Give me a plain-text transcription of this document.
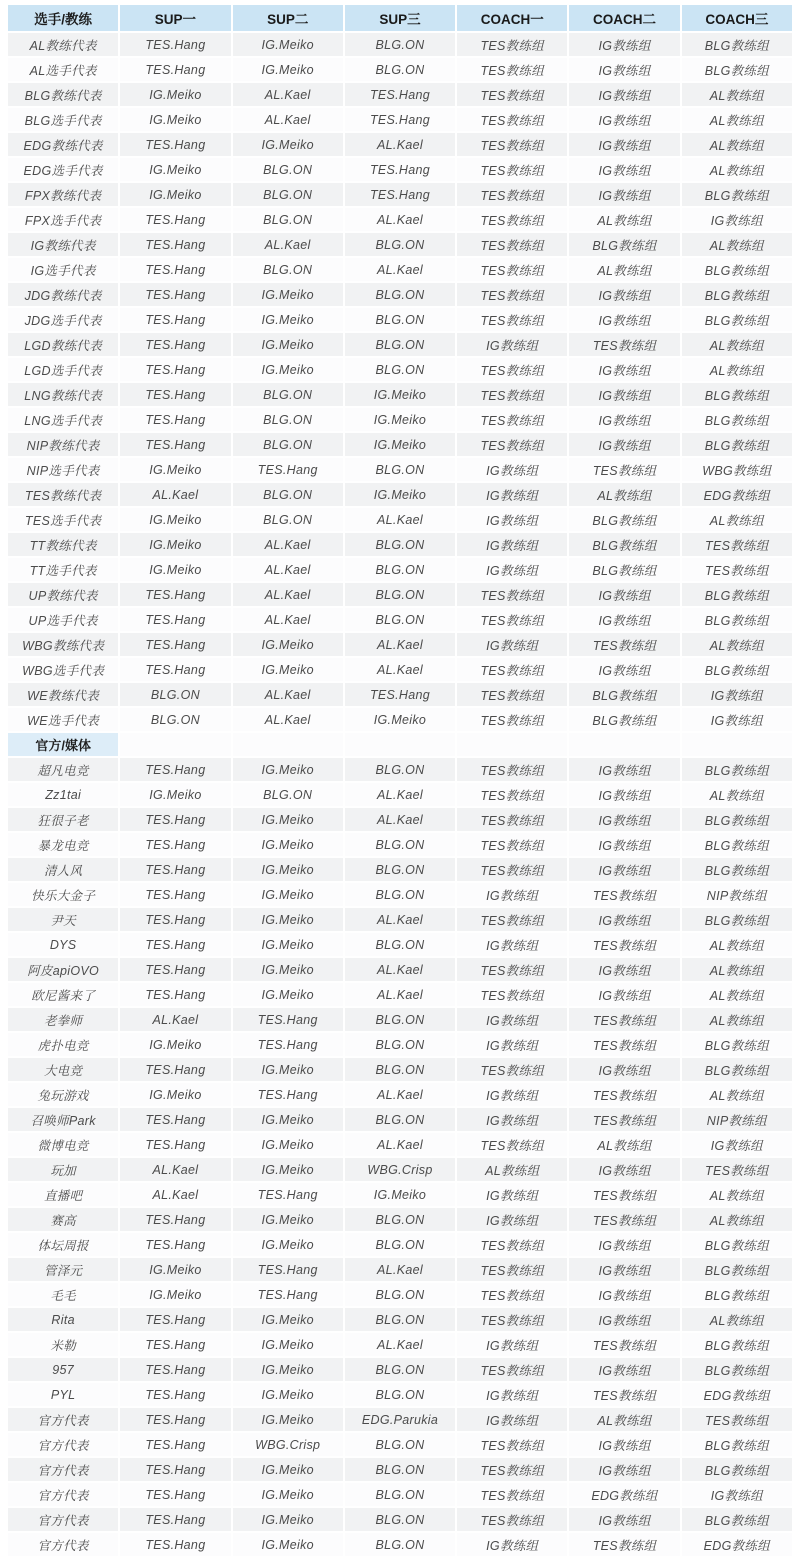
选手/教练	SUP一	SUP二	SUP三	COACH一	COACH二	COACH三
AL教练代表	TES.Hang	IG.Meiko	BLG.ON	TES教练组	IG教练组	BLG教练组
AL选手代表	TES.Hang	IG.Meiko	BLG.ON	TES教练组	IG教练组	BLG教练组
BLG教练代表	IG.Meiko	AL.Kael	TES.Hang	TES教练组	IG教练组	AL教练组
BLG选手代表	IG.Meiko	AL.Kael	TES.Hang	TES教练组	IG教练组	AL教练组
EDG教练代表	TES.Hang	IG.Meiko	AL.Kael	TES教练组	IG教练组	AL教练组
EDG选手代表	IG.Meiko	BLG.ON	TES.Hang	TES教练组	IG教练组	AL教练组
FPX教练代表	IG.Meiko	BLG.ON	TES.Hang	TES教练组	IG教练组	BLG教练组
FPX选手代表	TES.Hang	BLG.ON	AL.Kael	TES教练组	AL教练组	IG教练组
IG教练代表	TES.Hang	AL.Kael	BLG.ON	TES教练组	BLG教练组	AL教练组
IG选手代表	TES.Hang	BLG.ON	AL.Kael	TES教练组	AL教练组	BLG教练组
JDG教练代表	TES.Hang	IG.Meiko	BLG.ON	TES教练组	IG教练组	BLG教练组
JDG选手代表	TES.Hang	IG.Meiko	BLG.ON	TES教练组	IG教练组	BLG教练组
LGD教练代表	TES.Hang	IG.Meiko	BLG.ON	IG教练组	TES教练组	AL教练组
LGD选手代表	TES.Hang	IG.Meiko	BLG.ON	TES教练组	IG教练组	AL教练组
LNG教练代表	TES.Hang	BLG.ON	IG.Meiko	TES教练组	IG教练组	BLG教练组
LNG选手代表	TES.Hang	BLG.ON	IG.Meiko	TES教练组	IG教练组	BLG教练组
NIP教练代表	TES.Hang	BLG.ON	IG.Meiko	TES教练组	IG教练组	BLG教练组
NIP选手代表	IG.Meiko	TES.Hang	BLG.ON	IG教练组	TES教练组	WBG教练组
TES教练代表	AL.Kael	BLG.ON	IG.Meiko	IG教练组	AL教练组	EDG教练组
TES选手代表	IG.Meiko	BLG.ON	AL.Kael	IG教练组	BLG教练组	AL教练组
TT教练代表	IG.Meiko	AL.Kael	BLG.ON	IG教练组	BLG教练组	TES教练组
TT选手代表	IG.Meiko	AL.Kael	BLG.ON	IG教练组	BLG教练组	TES教练组
UP教练代表	TES.Hang	AL.Kael	BLG.ON	TES教练组	IG教练组	BLG教练组
UP选手代表	TES.Hang	AL.Kael	BLG.ON	TES教练组	IG教练组	BLG教练组
WBG教练代表	TES.Hang	IG.Meiko	AL.Kael	IG教练组	TES教练组	AL教练组
WBG选手代表	TES.Hang	IG.Meiko	AL.Kael	TES教练组	IG教练组	BLG教练组
WE教练代表	BLG.ON	AL.Kael	TES.Hang	TES教练组	BLG教练组	IG教练组
WE选手代表	BLG.ON	AL.Kael	IG.Meiko	TES教练组	BLG教练组	IG教练组
官方/媒体						
超凡电竞	TES.Hang	IG.Meiko	BLG.ON	TES教练组	IG教练组	BLG教练组
Zz1tai	IG.Meiko	BLG.ON	AL.Kael	TES教练组	IG教练组	AL教练组
狂很子老	TES.Hang	IG.Meiko	AL.Kael	TES教练组	IG教练组	BLG教练组
暴龙电竞	TES.Hang	IG.Meiko	BLG.ON	TES教练组	IG教练组	BLG教练组
清人风	TES.Hang	IG.Meiko	BLG.ON	TES教练组	IG教练组	BLG教练组
快乐大金子	TES.Hang	IG.Meiko	BLG.ON	IG教练组	TES教练组	NIP教练组
尹天	TES.Hang	IG.Meiko	AL.Kael	TES教练组	IG教练组	BLG教练组
DYS	TES.Hang	IG.Meiko	BLG.ON	IG教练组	TES教练组	AL教练组
阿皮apiOVO	TES.Hang	IG.Meiko	AL.Kael	TES教练组	IG教练组	AL教练组
欧尼酱来了	TES.Hang	IG.Meiko	AL.Kael	TES教练组	IG教练组	AL教练组
老拳师	AL.Kael	TES.Hang	BLG.ON	IG教练组	TES教练组	AL教练组
虎扑电竞	IG.Meiko	TES.Hang	BLG.ON	IG教练组	TES教练组	BLG教练组
大电竞	TES.Hang	IG.Meiko	BLG.ON	TES教练组	IG教练组	BLG教练组
兔玩游戏	IG.Meiko	TES.Hang	AL.Kael	IG教练组	TES教练组	AL教练组
召唤师Park	TES.Hang	IG.Meiko	BLG.ON	IG教练组	TES教练组	NIP教练组
微博电竞	TES.Hang	IG.Meiko	AL.Kael	TES教练组	AL教练组	IG教练组
玩加	AL.Kael	IG.Meiko	WBG.Crisp	AL教练组	IG教练组	TES教练组
直播吧	AL.Kael	TES.Hang	IG.Meiko	IG教练组	TES教练组	AL教练组
赛高	TES.Hang	IG.Meiko	BLG.ON	IG教练组	TES教练组	AL教练组
体坛周报	TES.Hang	IG.Meiko	BLG.ON	TES教练组	IG教练组	BLG教练组
管泽元	IG.Meiko	TES.Hang	AL.Kael	TES教练组	IG教练组	BLG教练组
毛毛	IG.Meiko	TES.Hang	BLG.ON	TES教练组	IG教练组	BLG教练组
Rita	TES.Hang	IG.Meiko	BLG.ON	TES教练组	IG教练组	AL教练组
米勒	TES.Hang	IG.Meiko	AL.Kael	IG教练组	TES教练组	BLG教练组
957	TES.Hang	IG.Meiko	BLG.ON	TES教练组	IG教练组	BLG教练组
PYL	TES.Hang	IG.Meiko	BLG.ON	IG教练组	TES教练组	EDG教练组
官方代表	TES.Hang	IG.Meiko	EDG.Parukia	IG教练组	AL教练组	TES教练组
官方代表	TES.Hang	WBG.Crisp	BLG.ON	TES教练组	IG教练组	BLG教练组
官方代表	TES.Hang	IG.Meiko	BLG.ON	TES教练组	IG教练组	BLG教练组
官方代表	TES.Hang	IG.Meiko	BLG.ON	TES教练组	EDG教练组	IG教练组
官方代表	TES.Hang	IG.Meiko	BLG.ON	TES教练组	IG教练组	BLG教练组
官方代表	TES.Hang	IG.Meiko	BLG.ON	IG教练组	TES教练组	EDG教练组
